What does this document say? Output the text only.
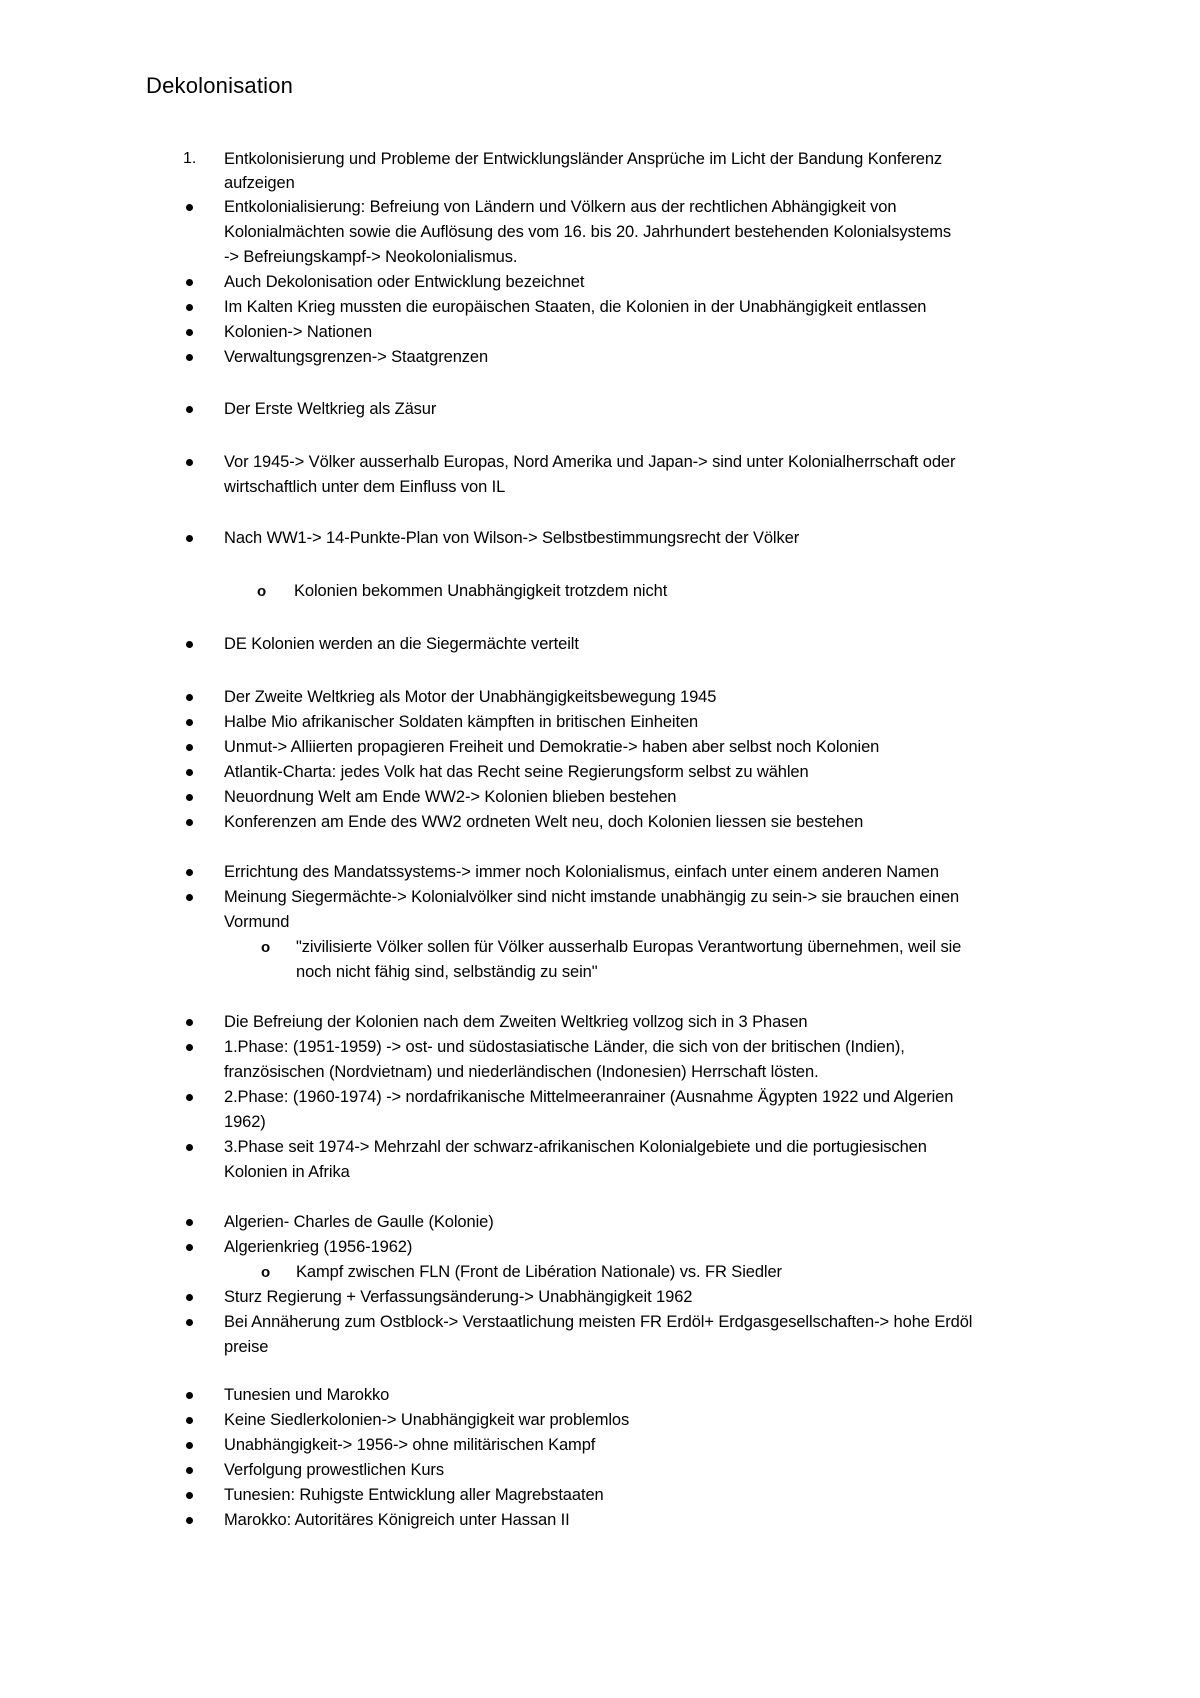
Dekolonisation
1. Entkolonisierung und Probleme der Entwicklungsländer Ansprüche im Licht der Bandung Konferenz
aufzeigen
Entkolonialisierung: Befreiung von Ländern und Völkern aus der rechtlichen Abhängigkeit von
Kolonialmächten sowie die Auflösung des vom 16. bis 20. Jahrhundert bestehenden Kolonialsystems
-> Befreiungskampf-> Neokolonialismus.
Auch Dekolonisation oder Entwicklung bezeichnet
Im Kalten Krieg mussten die europäischen Staaten, die Kolonien in der Unabhängigkeit entlassen
Kolonien-> Nationen
Verwaltungsgrenzen-> Staatgrenzen
Der Erste Weltkrieg als Zäsur
Vor 1945-> Völker ausserhalb Europas, Nord Amerika und Japan-> sind unter Kolonialherrschaft oder
wirtschaftlich unter dem Einfluss von IL
Nach WW1-> 14-Punkte-Plan von Wilson-> Selbstbestimmungsrecht der Völker
o Kolonien bekommen Unabhängigkeit trotzdem nicht
DE Kolonien werden an die Siegermächte verteilt
Der Zweite Weltkrieg als Motor der Unabhängigkeitsbewegung 1945
Halbe Mio afrikanischer Soldaten kämpften in britischen Einheiten
Unmut-> Alliierten propagieren Freiheit und Demokratie-> haben aber selbst noch Kolonien
Atlantik-Charta: jedes Volk hat das Recht seine Regierungsform selbst zu wählen
Neuordnung Welt am Ende WW2-> Kolonien blieben bestehen
Konferenzen am Ende des WW2 ordneten Welt neu, doch Kolonien liessen sie bestehen
Errichtung des Mandatssystems-> immer noch Kolonialismus, einfach unter einem anderen Namen
Meinung Siegermächte-> Kolonialvölker sind nicht imstande unabhängig zu sein-> sie brauchen einen
Vormund
o "zivilisierte Völker sollen für Völker ausserhalb Europas Verantwortung übernehmen, weil sie
noch nicht fähig sind, selbständig zu sein"
Die Befreiung der Kolonien nach dem Zweiten Weltkrieg vollzog sich in 3 Phasen
1.Phase: (1951-1959) -> ost- und südostasiatische Länder, die sich von der britischen (Indien),
französischen (Nordvietnam) und niederländischen (Indonesien) Herrschaft lösten.
2.Phase: (1960-1974) -> nordafrikanische Mittelmeeranrainer (Ausnahme Ägypten 1922 und Algerien
1962)
3.Phase seit 1974-> Mehrzahl der schwarz-afrikanischen Kolonialgebiete und die portugiesischen
Kolonien in Afrika
Algerien- Charles de Gaulle (Kolonie)
Algerienkrieg (1956-1962)
o Kampf zwischen FLN (Front de Libération Nationale) vs. FR Siedler
Sturz Regierung + Verfassungsänderung-> Unabhängigkeit 1962
Bei Annäherung zum Ostblock-> Verstaatlichung meisten FR Erdöl+ Erdgasgesellschaften-> hohe Erdöl
preise
Tunesien und Marokko
Keine Siedlerkolonien-> Unabhängigkeit war problemlos
Unabhängigkeit-> 1956-> ohne militärischen Kampf
Verfolgung prowestlichen Kurs
Tunesien: Ruhigste Entwicklung aller Magrebstaaten
Marokko: Autoritäres Königreich unter Hassan II
